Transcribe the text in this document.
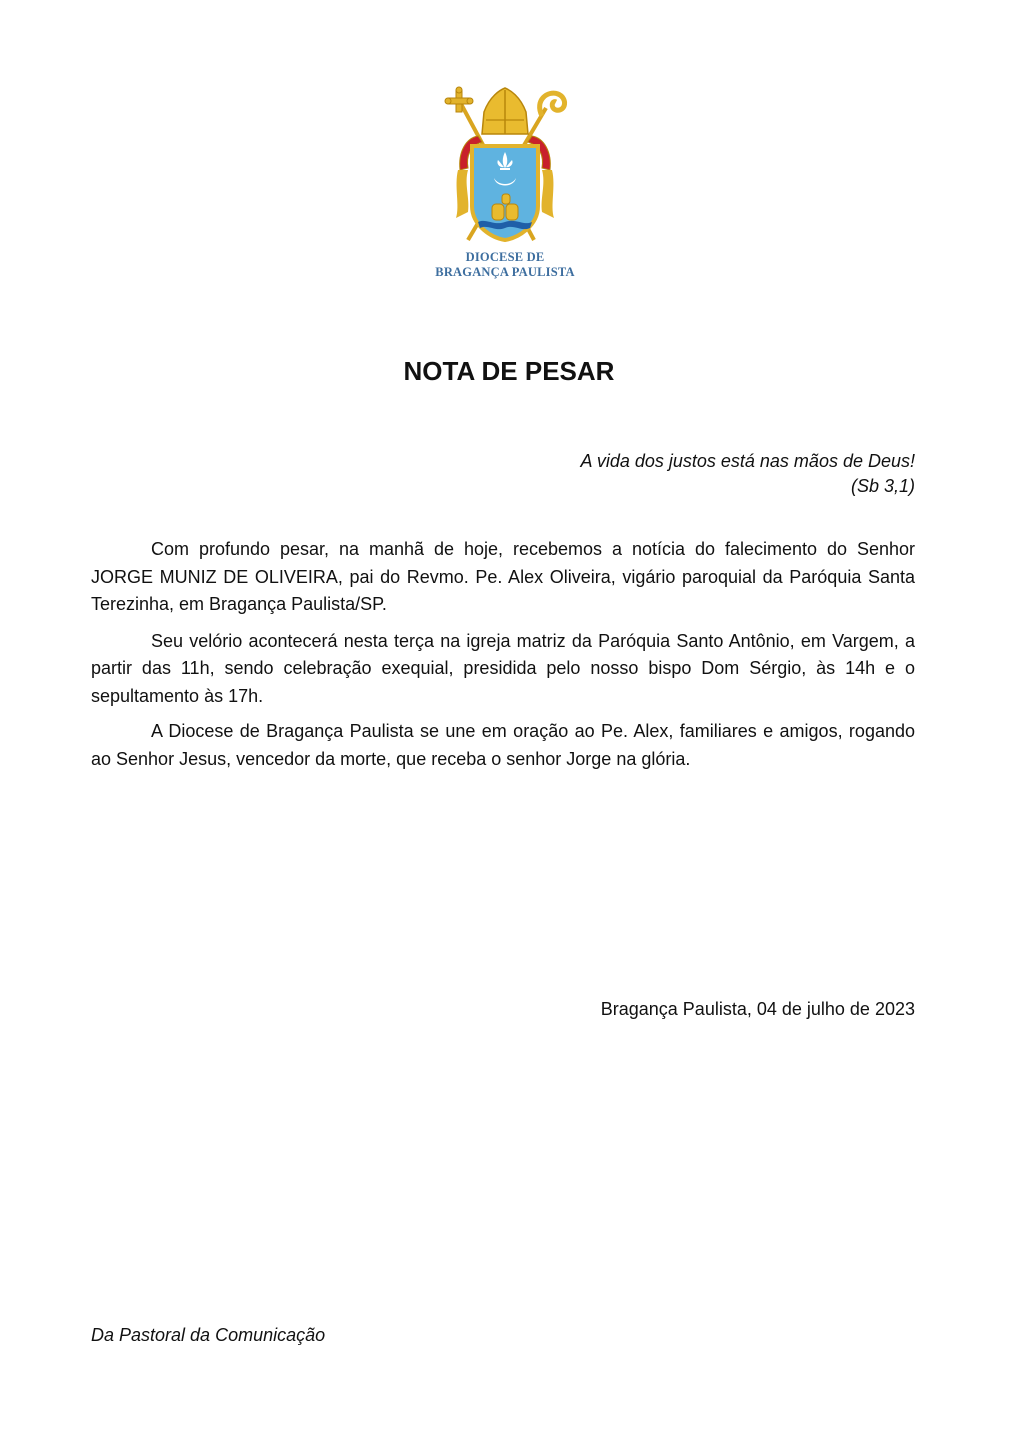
DIOCESE DE
BRAGANÇA PAULISTA
NOTA DE PESAR
A vida dos justos está nas mãos de Deus!
(Sb 3,1)

Com profundo pesar, na manhã de hoje, recebemos a notícia do falecimento do Senhor JORGE MUNIZ DE OLIVEIRA, pai do Revmo. Pe. Alex Oliveira, vigário paroquial da Paróquia Santa Terezinha, em Bragança Paulista/SP.

Seu velório acontecerá nesta terça na igreja matriz da Paróquia Santo Antônio, em Vargem, a partir das 11h, sendo celebração exequial, presidida pelo nosso bispo Dom Sérgio, às 14h e o sepultamento às 17h.

A Diocese de Bragança Paulista se une em oração ao Pe. Alex, familiares e amigos, rogando ao Senhor Jesus, vencedor da morte, que receba o senhor Jorge na glória.

Bragança Paulista, 04 de julho de 2023
Da Pastoral da Comunicação
